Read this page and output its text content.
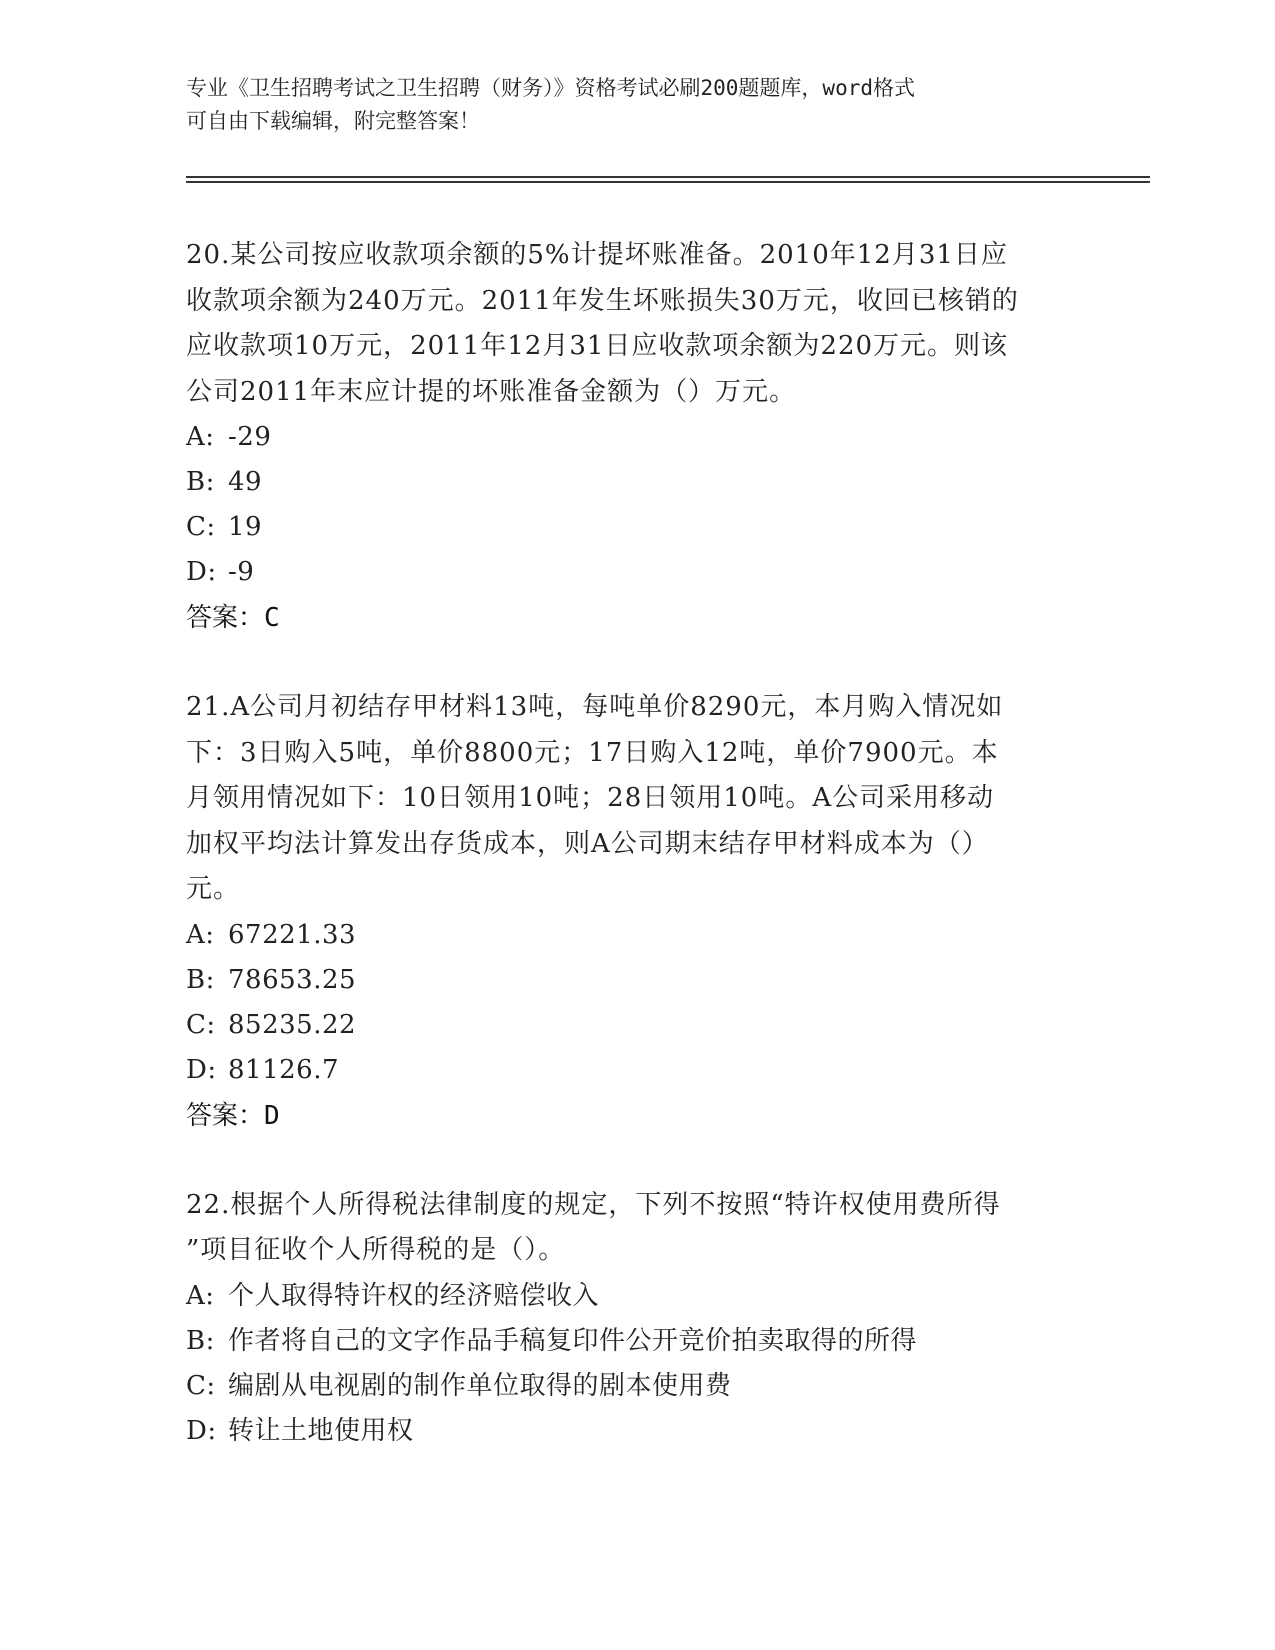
专业《卫生招聘考试之卫生招聘（财务）》资格考试必刷200题题库，word格式
可自由下载编辑，附完整答案！
20.某公司按应收款项余额的5%计提坏账准备。2010年12月31日应
收款项余额为240万元。2011年发生坏账损失30万元，收回已核销的
应收款项10万元，2011年12月31日应收款项余额为220万元。则该
公司2011年末应计提的坏账准备金额为（）万元。
A: -29
B: 49
C: 19
D: -9
答案：C
21.A公司月初结存甲材料13吨，每吨单价8290元，本月购入情况如
下：3日购入5吨，单价8800元；17日购入12吨，单价7900元。本
月领用情况如下：10日领用10吨；28日领用10吨。A公司采用移动
加权平均法计算发出存货成本，则A公司期末结存甲材料成本为（）
元。
A: 67221.33
B: 78653.25
C: 85235.22
D: 81126.7
答案：D
22.根据个人所得税法律制度的规定，下列不按照“特许权使用费所得
”项目征收个人所得税的是（）。
A: 个人取得特许权的经济赔偿收入
B: 作者将自己的文字作品手稿复印件公开竞价拍卖取得的所得
C: 编剧从电视剧的制作单位取得的剧本使用费
D: 转让土地使用权
